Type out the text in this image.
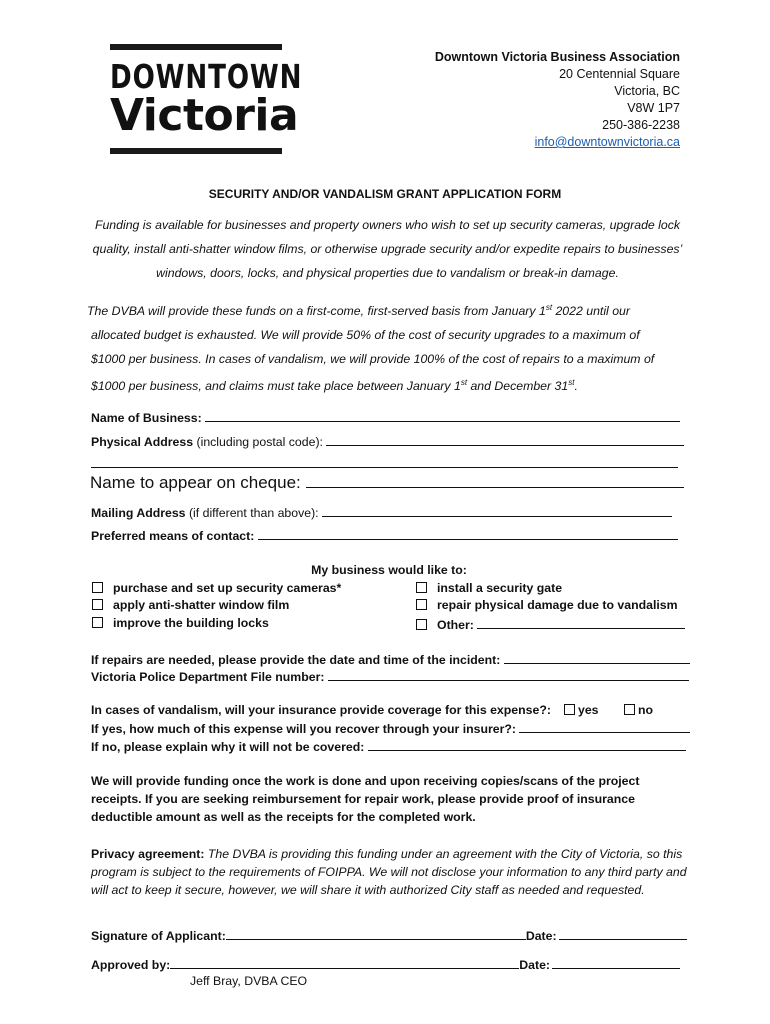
DOWNTOWN
Victoria
Downtown Victoria Business Association
20 Centennial Square
Victoria, BC
V8W 1P7
250-386-2238
info@downtownvictoria.ca
SECURITY AND/OR VANDALISM GRANT APPLICATION FORM
Funding is available for businesses and property owners who wish to set up security cameras, upgrade lock quality, install anti-shatter window films, or otherwise upgrade security and/or expedite repairs to businesses’ windows, doors, locks, and physical properties due to vandalism or break-in damage.

The DVBA will provide these funds on a first-come, first-served basis from January 1st 2022 until our

allocated budget is exhausted. We will provide 50% of the cost of security upgrades to a maximum of

$1000 per business. In cases of vandalism, we will provide 100% of the cost of repairs to a maximum of

$1000 per business, and claims must take place between January 1st and December 31st.

Name of Business:
Physical Address (including postal code):
Name to appear on cheque:
Mailing Address (if different than above):
Preferred means of contact:
My business would like to:
purchase and set up security cameras*
apply anti-shatter window film
improve the building locks
install a security gate
repair physical damage due to vandalism
Other:
If repairs are needed, please provide the date and time of the incident:
Victoria Police Department File number:
In cases of vandalism, will your insurance provide coverage for this expense?:	yes	no
If yes, how much of this expense will you recover through your insurer?:
If no, please explain why it will not be covered:
We will provide funding once the work is done and upon receiving copies/scans of the project receipts. If you are seeking reimbursement for repair work, please provide proof of insurance deductible amount as well as the receipts for the completed work.
Privacy agreement: The DVBA is providing this funding under an agreement with the City of Victoria, so this program is subject to the requirements of FOIPPA. We will not disclose your information to any third party and will act to keep it secure, however, we will share it with authorized City staff as needed and requested.
Signature of Applicant:	Date:
Approved by:	Date:
Jeff Bray, DVBA CEO
